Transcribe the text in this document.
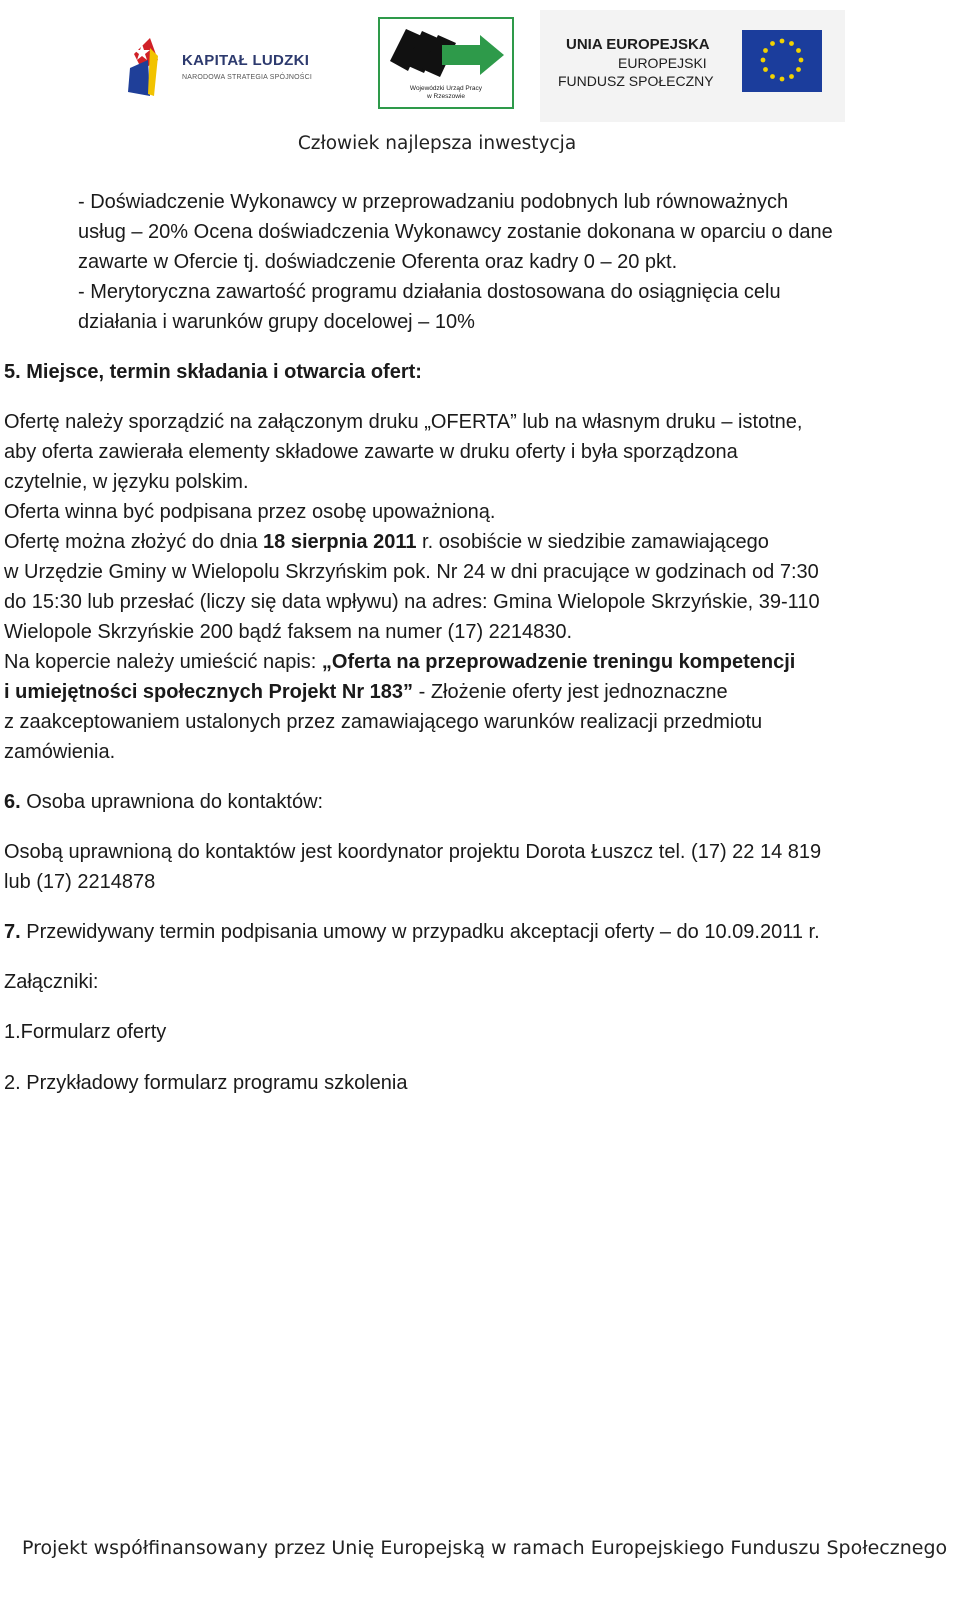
KAPITAŁ LUDZKI
NARODOWA STRATEGIA SPÓJNOŚCI
Wojewódzki Urząd Pracy
w Rzeszowie
UNIA EUROPEJSKA
EUROPEJSKI
FUNDUSZ SPOŁECZNY
Człowiek najlepsza inwestycja
- Doświadczenie Wykonawcy w przeprowadzaniu podobnych lub równoważnych
usług – 20% Ocena doświadczenia Wykonawcy zostanie dokonana w oparciu o dane
zawarte w Ofercie tj. doświadczenie Oferenta oraz kadry 0 – 20 pkt.
- Merytoryczna zawartość programu działania dostosowana do osiągnięcia celu
działania i warunków grupy docelowej – 10%
5. Miejsce, termin składania i otwarcia ofert:
Ofertę należy sporządzić na załączonym druku „OFERTA” lub na własnym druku – istotne,
aby oferta zawierała elementy składowe zawarte w druku oferty i była sporządzona
czytelnie, w języku polskim.
Oferta winna być podpisana przez osobę upoważnioną.
Ofertę można złożyć do dnia 18 sierpnia 2011 r. osobiście w siedzibie zamawiającego
w Urzędzie Gminy w Wielopolu Skrzyńskim pok. Nr 24 w dni pracujące w godzinach od 7:30
do 15:30 lub przesłać (liczy się data wpływu) na adres: Gmina Wielopole Skrzyńskie, 39-110
Wielopole Skrzyńskie 200 bądź faksem na numer (17) 2214830.
Na kopercie należy umieścić napis: „Oferta na przeprowadzenie treningu kompetencji
i umiejętności społecznych Projekt Nr 183” - Złożenie oferty jest jednoznaczne
z zaakceptowaniem ustalonych przez zamawiającego warunków realizacji przedmiotu
zamówienia.
6. Osoba uprawniona do kontaktów:
Osobą uprawnioną do kontaktów jest koordynator projektu Dorota Łuszcz tel. (17) 22 14 819
lub (17) 2214878
7. Przewidywany termin podpisania umowy w przypadku akceptacji oferty – do 10.09.2011 r.
Załączniki:
1.Formularz oferty
2. Przykładowy formularz programu szkolenia
Projekt współfinansowany przez Unię Europejską w ramach Europejskiego Funduszu Społecznego
